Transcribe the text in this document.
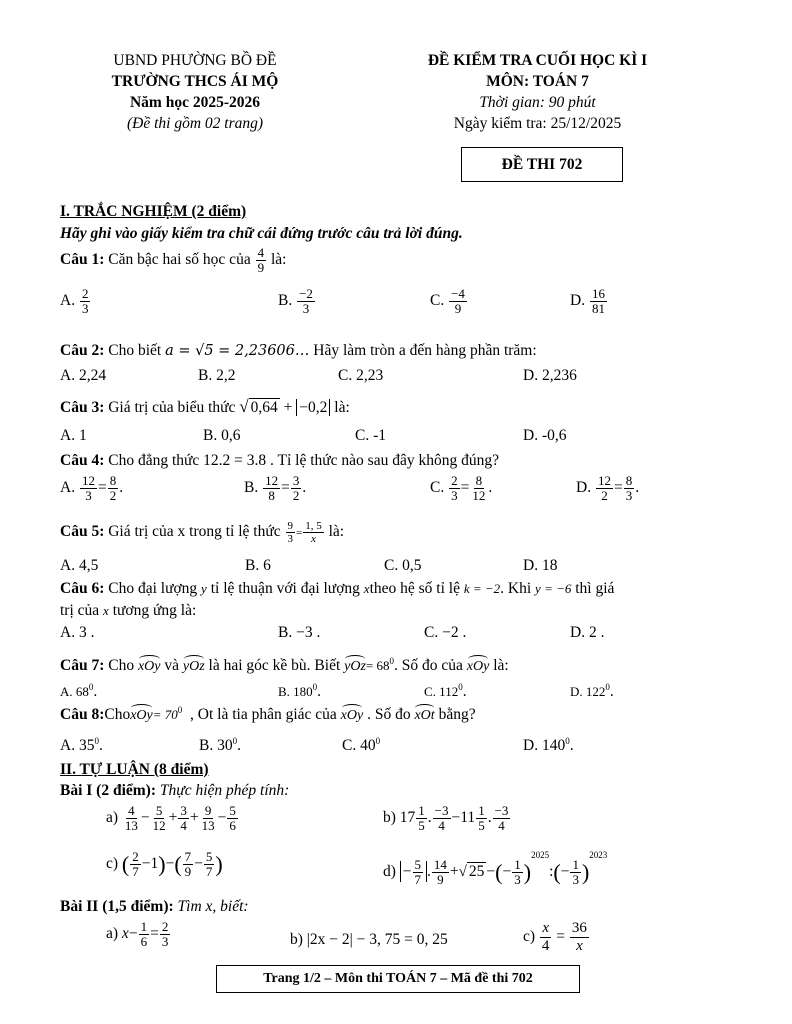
UBND PHƯỜNG BỒ ĐỀ
TRƯỜNG THCS ÁI MỘ
Năm học 2025-2026
(Đề thi gồm 02 trang)
ĐỀ KIỂM TRA CUỐI HỌC KÌ I
MÔN: TOÁN 7
Thời gian: 90 phút
Ngày kiểm tra: 25/12/2025
ĐỀ THI 702
I. TRẮC NGHIỆM (2 điểm)
Hãy ghi vào giấy kiểm tra chữ cái đứng trước câu trả lời đúng.
Câu 1: Căn bậc hai số học của $\frac{4}{9}$ là:
A. $\frac{2}{3}$	B. $\frac{-2}{3}$	C. $\frac{-4}{9}$	D. $\frac{16}{81}$
Câu 2: Cho biết a = √5 = 2,23606… Hãy làm tròn a đến hàng phần trăm:
A. 2,24	B. 2,2	C. 2,23	D. 2,236
Câu 3: Giá trị của biểu thức √ 0,64 + −0,2 là:
A. 1	B. 0,6	C. -1	D. -0,6
Câu 4: Cho đẳng thức 12.2 = 3.8 . Tỉ lệ thức nào sau đây không đúng?
A. $\frac{12}{3} = \frac{8}{2}$ .	B. $\frac{12}{8} = \frac{3}{2}$ .	C. $\frac{2}{3} = \frac{8}{12}$ .	D. $\frac{12}{2} = \frac{8}{3}$ .
Câu 5: Giá trị của x trong tỉ lệ thức $\frac{9}{3} = \frac{1, 5}{x}$ là:
A. 4,5	B. 6	C. 0,5	D. 18
Câu 6: Cho đại lượng y tỉ lệ thuận với đại lượng xtheo hệ số tỉ lệ k = −2. Khi y = −6 thì giá
trị của x tương ứng là:
A. 3 .	B. −3 .	C. −2 .	D. 2 .
Câu 7: Cho xOy và yOz là hai góc kề bù. Biết $yOz= 68^0$. Số đo của xOy là:
A. $68^0$.	B. $180^0$.	C. $112^0$.	D. $122^0$.
Câu 8:ChoxOy= $70^0$ , Ot là tia phân giác của xOy . Số đo xOt bằng?
A. $35^0$.	B. $30^0$.	C. $40^0$	D. $140^0$.
II. TỰ LUẬN (8 điểm)
Bài I (2 điểm): Thực hiện phép tính:
$a) \frac{4}{13} - \frac{5}{12} + \frac{3}{4} + \frac{9}{13} - \frac{5}{6}$	b) $17 \frac{1}{5}$ . $\frac{-3}{4} -11 \frac{1}{5}$ . $\frac{-3}{4}$
c) ( $\frac{2}{7} -1)-( \frac{7}{9} - \frac{5}{7}$ )	$d) - \frac{5}{7}$ . $\frac{14}{9}$ +√ 25 −(− $\frac{1}{3}$ )$^{2025}$:(− $\frac{1}{3} )^{2023}$
Bài II (1,5 điểm): Tìm x, biết:
a) $x- \frac{1}{6} = \frac{2}{3}$	b) |2x − 2| − 3, 75 = 0, 25	$c) \frac{x}{4} = \frac{36}{x}$
Trang 1/2 – Môn thi TOÁN 7 – Mã đề thi 702
